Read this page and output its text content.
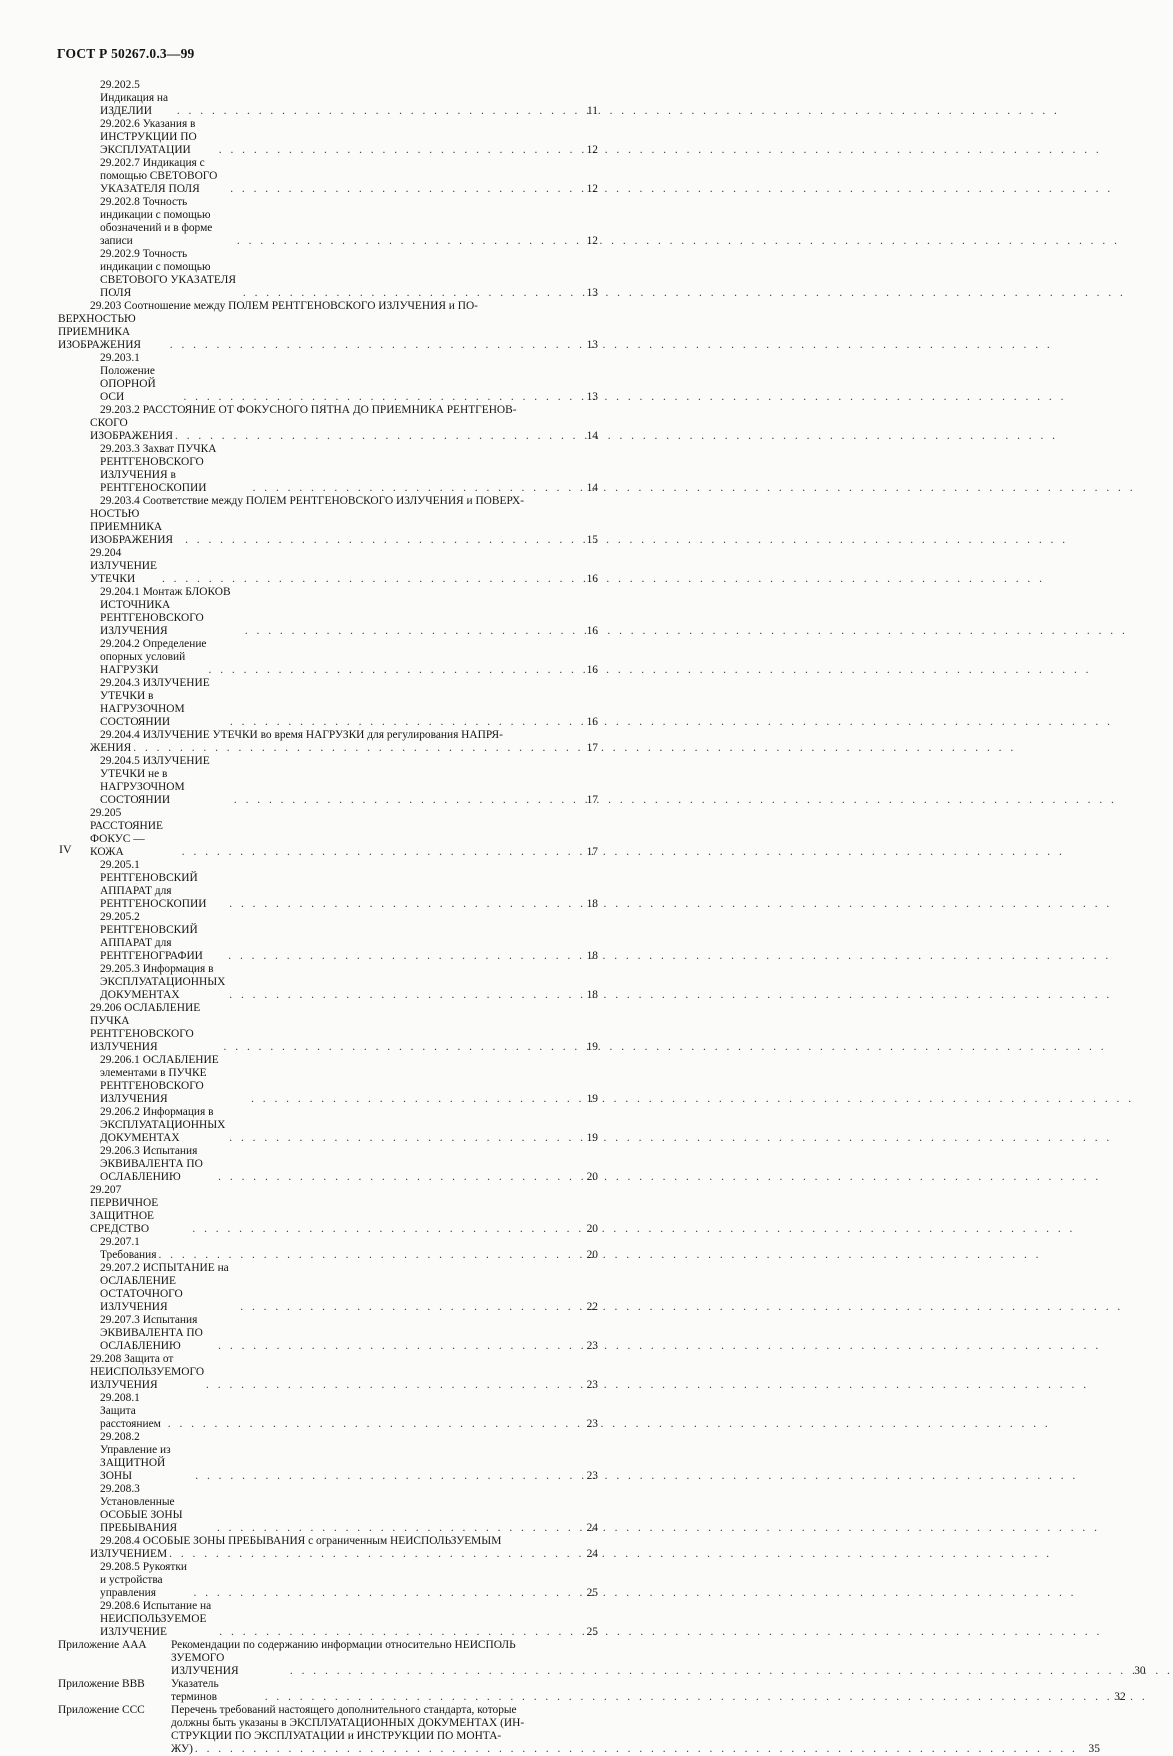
ГОСТ Р 50267.0.3—99
29.202.5 Индикация на ИЗДЕЛИИ . . .	11
29.202.6 Указания в ИНСТРУКЦИИ ПО ЭКСПЛУАТАЦИИ . . .	12
29.202.7 Индикация с помощью СВЕТОВОГО УКАЗАТЕЛЯ ПОЛЯ . . .	12
29.202.8 Точность индикации с помощью обозначений и в форме записи . . .	12
29.202.9 Точность индикации с помощью СВЕТОВОГО УКАЗАТЕЛЯ ПОЛЯ . . .	13
29.203 Соотношение между ПОЛЕМ РЕНТГЕНОВСКОГО ИЗЛУЧЕНИЯ и ПО-
ВЕРХНОСТЬЮ ПРИЕМНИКА ИЗОБРАЖЕНИЯ . . .	13
29.203.1 Положение ОПОРНОЙ ОСИ . . .	13
29.203.2 РАССТОЯНИЕ ОТ ФОКУСНОГО ПЯТНА ДО ПРИЕМНИКА РЕНТГЕНОВ-
СКОГО ИЗОБРАЖЕНИЯ . . .	14
29.203.3 Захват ПУЧКА РЕНТГЕНОВСКОГО ИЗЛУЧЕНИЯ в РЕНТГЕНОСКОПИИ . . .	14
29.203.4 Соответствие между ПОЛЕМ РЕНТГЕНОВСКОГО ИЗЛУЧЕНИЯ и ПОВЕРХ-
НОСТЬЮ ПРИЕМНИКА ИЗОБРАЖЕНИЯ . . .	15
29.204 ИЗЛУЧЕНИЕ УТЕЧКИ . . .	16
29.204.1 Монтаж БЛОКОВ ИСТОЧНИКА РЕНТГЕНОВСКОГО ИЗЛУЧЕНИЯ . . .	16
29.204.2 Определение опорных условий НАГРУЗКИ . . .	16
29.204.3 ИЗЛУЧЕНИЕ УТЕЧКИ в НАГРУЗОЧНОМ СОСТОЯНИИ . . .	16
29.204.4 ИЗЛУЧЕНИЕ УТЕЧКИ во время НАГРУЗКИ для регулирования НАПРЯ-
ЖЕНИЯ . . .	17
29.204.5 ИЗЛУЧЕНИЕ УТЕЧКИ не в НАГРУЗОЧНОМ СОСТОЯНИИ . . .	17
29.205 РАССТОЯНИЕ ФОКУС — КОЖА . . .	17
29.205.1 РЕНТГЕНОВСКИЙ АППАРАТ для РЕНТГЕНОСКОПИИ . . .	18
29.205.2 РЕНТГЕНОВСКИЙ АППАРАТ для РЕНТГЕНОГРАФИИ . . .	18
29.205.3 Информация в ЭКСПЛУАТАЦИОННЫХ ДОКУМЕНТАХ . . .	18
29.206 ОСЛАБЛЕНИЕ ПУЧКА РЕНТГЕНОВСКОГО ИЗЛУЧЕНИЯ . . .	19
29.206.1 ОСЛАБЛЕНИЕ элементами в ПУЧКЕ РЕНТГЕНОВСКОГО ИЗЛУЧЕНИЯ . . .	19
29.206.2 Информация в ЭКСПЛУАТАЦИОННЫХ ДОКУМЕНТАХ . . .	19
29.206.3 Испытания ЭКВИВАЛЕНТА ПО ОСЛАБЛЕНИЮ . . .	20
29.207 ПЕРВИЧНОЕ ЗАЩИТНОЕ СРЕДСТВО . . .	20
29.207.1 Требования . . .	20
29.207.2 ИСПЫТАНИЕ на ОСЛАБЛЕНИЕ ОСТАТОЧНОГО ИЗЛУЧЕНИЯ . . .	22
29.207.3 Испытания ЭКВИВАЛЕНТА ПО ОСЛАБЛЕНИЮ . . .	23
29.208 Защита от НЕИСПОЛЬЗУЕМОГО ИЗЛУЧЕНИЯ . . .	23
29.208.1 Защита расстоянием . . .	23
29.208.2 Управление из ЗАЩИТНОЙ ЗОНЫ . . .	23
29.208.3 Установленные ОСОБЫЕ ЗОНЫ ПРЕБЫВАНИЯ . . .	24
29.208.4 ОСОБЫЕ ЗОНЫ ПРЕБЫВАНИЯ с ограниченным НЕИСПОЛЬЗУЕМЫМ
ИЗЛУЧЕНИЕМ . . .	24
29.208.5 Рукоятки и устройства управления . . .	25
29.208.6 Испытание на НЕИСПОЛЬЗУЕМОЕ ИЗЛУЧЕНИЕ . . .	25
Приложение ААА	Рекомендации по содержанию информации относительно НЕИСПОЛЬ
ЗУЕМОГО ИЗЛУЧЕНИЯ . . .	30
Приложение ВВВ	Указатель терминов . . .	32
Приложение ССС	Перечень требований настоящего дополнительного стандарта, которые
должны быть указаны в ЭКСПЛУАТАЦИОННЫХ ДОКУМЕНТАХ (ИН-
СТРУКЦИИ ПО ЭКСПЛУАТАЦИИ и ИНСТРУКЦИИ ПО МОНТА-
ЖУ) . . .	35
IV
